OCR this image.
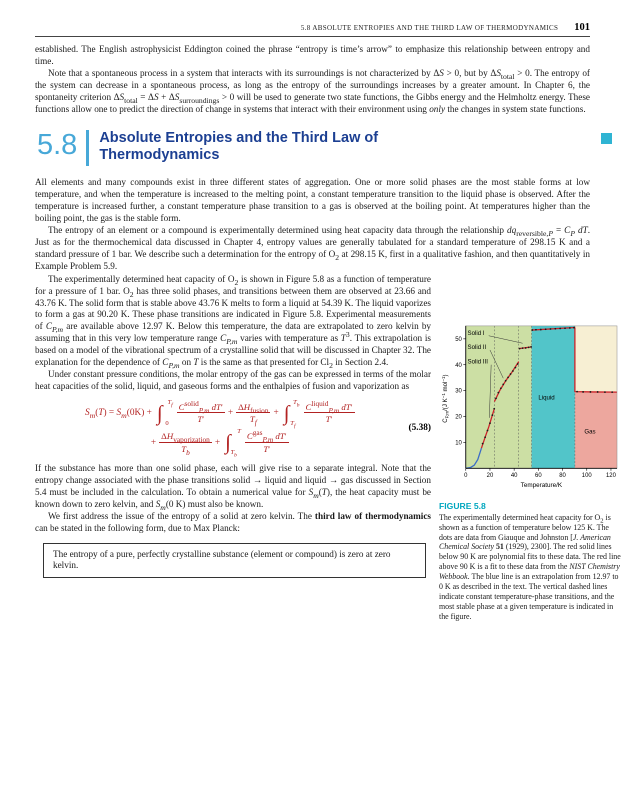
5.8 ABSOLUTE ENTROPIES AND THE THIRD LAW OF THERMODYNAMICS 101

established. The English astrophysicist Eddington coined the phrase “entropy is time’s arrow” to emphasize this relationship between entropy and time.

Note that a spontaneous process in a system that interacts with its surroundings is not characterized by ΔS > 0, but by $\Delta S_{total} > 0$. The entropy of the system can decrease in a spontaneous process, as long as the entropy of the surroundings increases by a greater amount. In Chapter 6, the spontaneity criterion $\Delta S_{total} = \Delta S + \Delta S_{surroundings} > 0$ will be used to generate two state functions, the Gibbs energy and the Helmholtz energy. These functions allow one to predict the direction of change in systems that interact with their environment using only the changes in system state functions.

5.8 Absolute Entropies and the Third Law of Thermodynamics

All elements and many compounds exist in three different states of aggregation. One or more solid phases are the most stable forms at low temperature, and when the temperature is increased to the melting point, a constant temperature transition to the liquid phase is observed. After the temperature is increased further, a constant temperature phase transition to a gas is observed at the boiling point. At temperatures higher than the boiling point, the gas is the stable form.

The entropy of an element or a compound is experimentally determined using heat capacity data through the relationship $dq_{reversible,P} = C_P$ dT. Just as for the thermochemical data discussed in Chapter 4, entropy values are generally tabulated for a standard temperature of 298.15 K and a standard pressure of 1 bar. We describe such a determination for the entropy of $O_2$ at 298.15 K, first in a qualitative fashion, and then quantitatively in Example Problem 5.9.

The experimentally determined heat capacity of $O_2$ is shown in Figure 5.8 as a function of temperature for a pressure of 1 bar. $O_2$ has three solid phases, and transitions between them are observed at 23.66 and 43.76 K. The solid form that is stable above 43.76 K melts to form a liquid at 54.39 K. The liquid vaporizes to form a gas at 90.20 K. These phase transitions are indicated in Figure 5.8. Experimental measurements of $C_{P,m}$ are available above 12.97 K. Below this temperature, the data are extrapolated to zero kelvin by assuming that in this very low temperature range $C_{P,m}$ varies with temperature as $T^3$. This extrapolation is based on a model of the vibrational spectrum of a crystalline solid that will be discussed in Chapter 32. The explanation for the dependence of $C_{P,m}$ on T is the same as that presented for $Cl_2$ in Section 2.4.

Under constant pressure conditions, the molar entropy of the gas can be expressed in terms of the molar heat capacities of the solid, liquid, and gaseous forms and the enthalpies of fusion and vaporization as

$S_m(T) = S_m(0K)$ + ∫ $T_f$
$0 \frac{C^{solid}_{P,m} dT'}{T'} + \frac{\Delta H_{fusion}}{T_f}$ + ∫ $T_b$
$T_f$
$\frac{C^{liquid}_{P,m} dT'}{T'}$
+ $\frac{\Delta H_{vaporization}}{T_b}$ + ∫ T
$T_b$
$\frac{C^{gas}_{P,m} dT'}{T'}$
(5.38)

If the substance has more than one solid phase, each will give rise to a separate integral. Note that the entropy change associated with the phase transitions solid → liquid and liquid → gas discussed in Section 5.4 must be included in the calculation. To obtain a numerical value for $S_m(T)$, the heat capacity must be known down to zero kelvin, and $S_m(0$ K) must also be known.

We first address the issue of the entropy of a solid at zero kelvin. The third law of thermodynamics can be stated in the following form, due to Max Planck:

The entropy of a pure, perfectly crystalline substance (element or compound) is zero at zero kelvin.
0	20	40	60	80	100 120
10
20
30
40
50
Temperature/K
$C_{P,m}/(J$ $K^{-1}$ mol$^{-1}$)
Solid I
Solid II
Solid III
Liquid
Gas
FIGURE 5.8

The experimentally determined heat capacity for $O_2$ is shown as a function of temperature below 125 K. The dots are data from Giauque and Johnston [J. American Chemical Society 51 (1929), 2300]. The red solid lines below 90 K are polynomial fits to these data. The red line above 90 K is a fit to these data from the NIST Chemistry Webbook. The blue line is an extrapolation from 12.97 to 0 K as described in the text. The vertical dashed lines indicate constant temperature-phase transitions, and the most stable phase at a given temperature is indicated in the figure.
